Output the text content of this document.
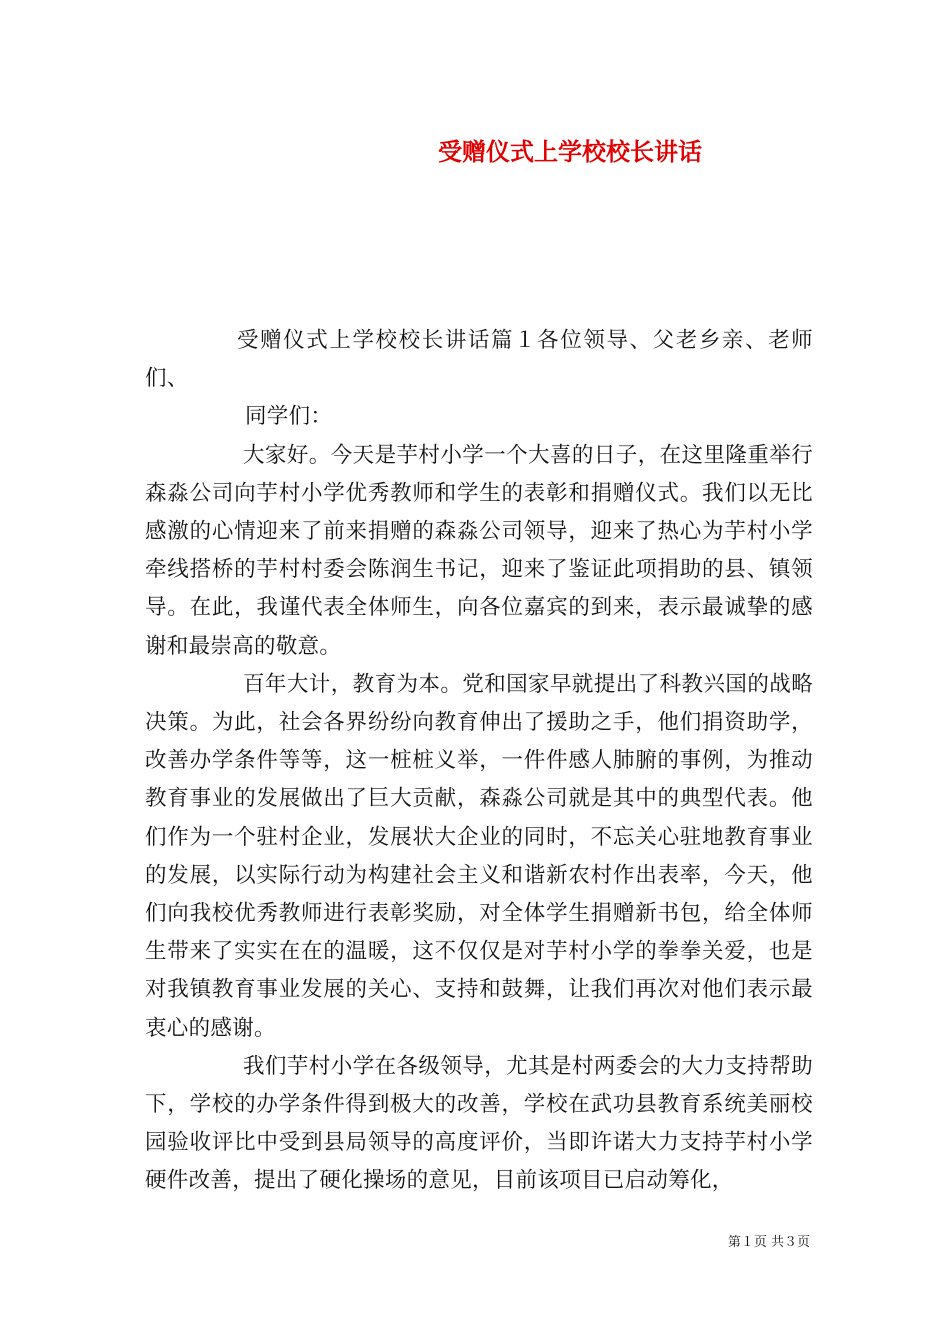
受赠仪式上学校校长讲话

受赠仪式上学校校长讲话篇１各位领导、父老乡亲、老师们、

同学们：

大家好。今天是芋村小学一个大喜的日子，在这里隆重举行森淼公司向芋村小学优秀教师和学生的表彰和捐赠仪式。我们以无比感激的心情迎来了前来捐赠的森淼公司领导，迎来了热心为芋村小学牵线搭桥的芋村村委会陈润生书记，迎来了鉴证此项捐助的县、镇领导。在此，我谨代表全体师生，向各位嘉宾的到来，表示最诚挚的感谢和最崇高的敬意。

百年大计，教育为本。党和国家早就提出了科教兴国的战略决策。为此，社会各界纷纷向教育伸出了援助之手，他们捐资助学，改善办学条件等等，这一桩桩义举，一件件感人肺腑的事例，为推动教育事业的发展做出了巨大贡献，森淼公司就是其中的典型代表。他们作为一个驻村企业，发展状大企业的同时，不忘关心驻地教育事业的发展，以实际行动为构建社会主义和谐新农村作出表率，今天，他们向我校优秀教师进行表彰奖励，对全体学生捐赠新书包，给全体师生带来了实实在在的温暖，这不仅仅是对芋村小学的拳拳关爱，也是对我镇教育事业发展的关心、支持和鼓舞，让我们再次对他们表示最衷心的感谢。

我们芋村小学在各级领导，尤其是村两委会的大力支持帮助下，学校的办学条件得到极大的改善，学校在武功县教育系统美丽校园验收评比中受到县局领导的高度评价，当即许诺大力支持芋村小学硬件改善，提出了硬化操场的意见，目前该项目已启动筹化，

第１页 共３页
